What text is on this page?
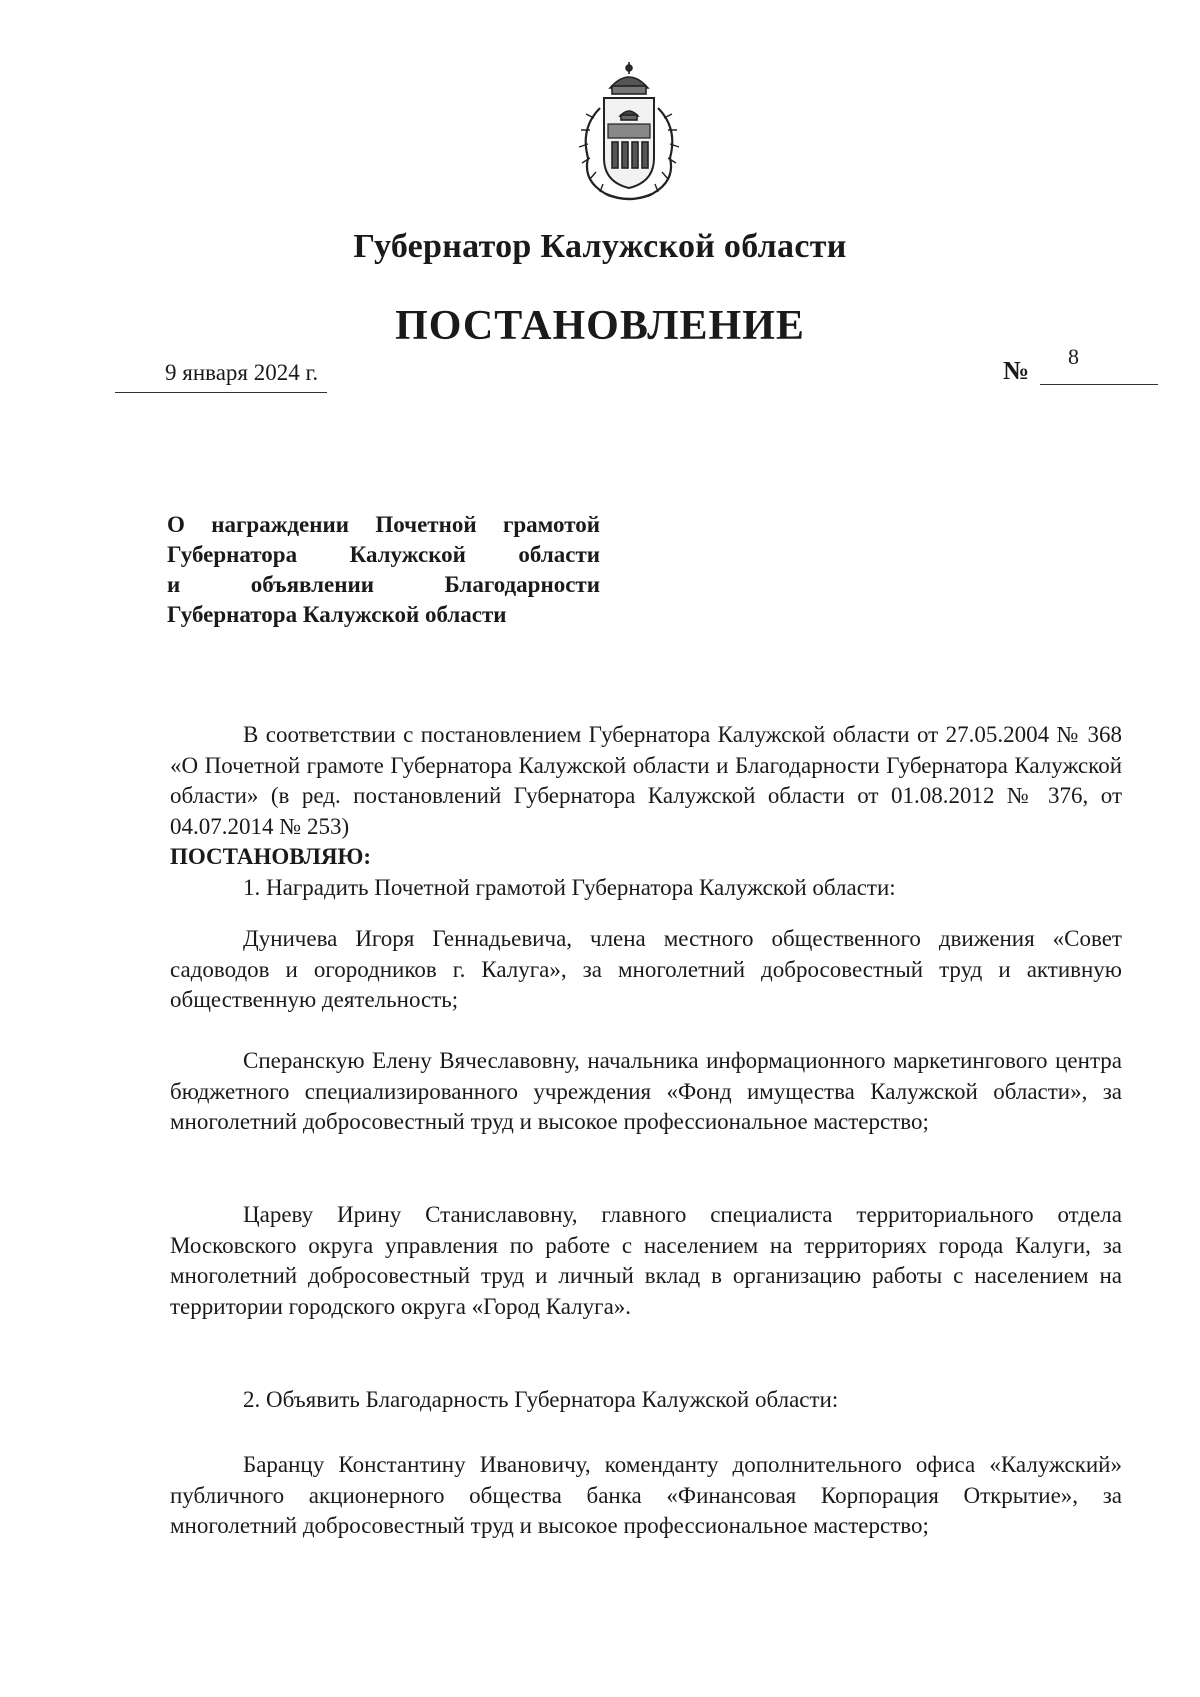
Губернатор Калужской области
ПОСТАНОВЛЕНИЕ
9 января 2024 г.	№ 8
О награждении Почетной грамотой
Губернатора Калужской области
и объявлении Благодарности
Губернатора Калужской области

В соответствии с постановлением Губернатора Калужской области от 27.05.2004 № 368 «О Почетной грамоте Губернатора Калужской области и Благодарности Губернатора Калужской области» (в ред. постановлений Губернатора Калужской области от 01.08.2012 № 376, от 04.07.2014 № 253)

ПОСТАНОВЛЯЮ:

1. Наградить Почетной грамотой Губернатора Калужской области:

Дуничева Игоря Геннадьевича, члена местного общественного движения «Совет садоводов и огородников г. Калуга», за многолетний добросовестный труд и активную общественную деятельность;

Сперанскую Елену Вячеславовну, начальника информационного маркетингового центра бюджетного специализированного учреждения «Фонд имущества Калужской области», за многолетний добросовестный труд и высокое профессиональное мастерство;

Цареву Ирину Станиславовну, главного специалиста территориального отдела Московского округа управления по работе с населением на территориях города Калуги, за многолетний добросовестный труд и личный вклад в организацию работы с населением на территории городского округа «Город Калуга».

2. Объявить Благодарность Губернатора Калужской области:

Баранцу Константину Ивановичу, коменданту дополнительного офиса «Калужский» публичного акционерного общества банка «Финансовая Корпорация Открытие», за многолетний добросовестный труд и высокое профессиональное мастерство;
